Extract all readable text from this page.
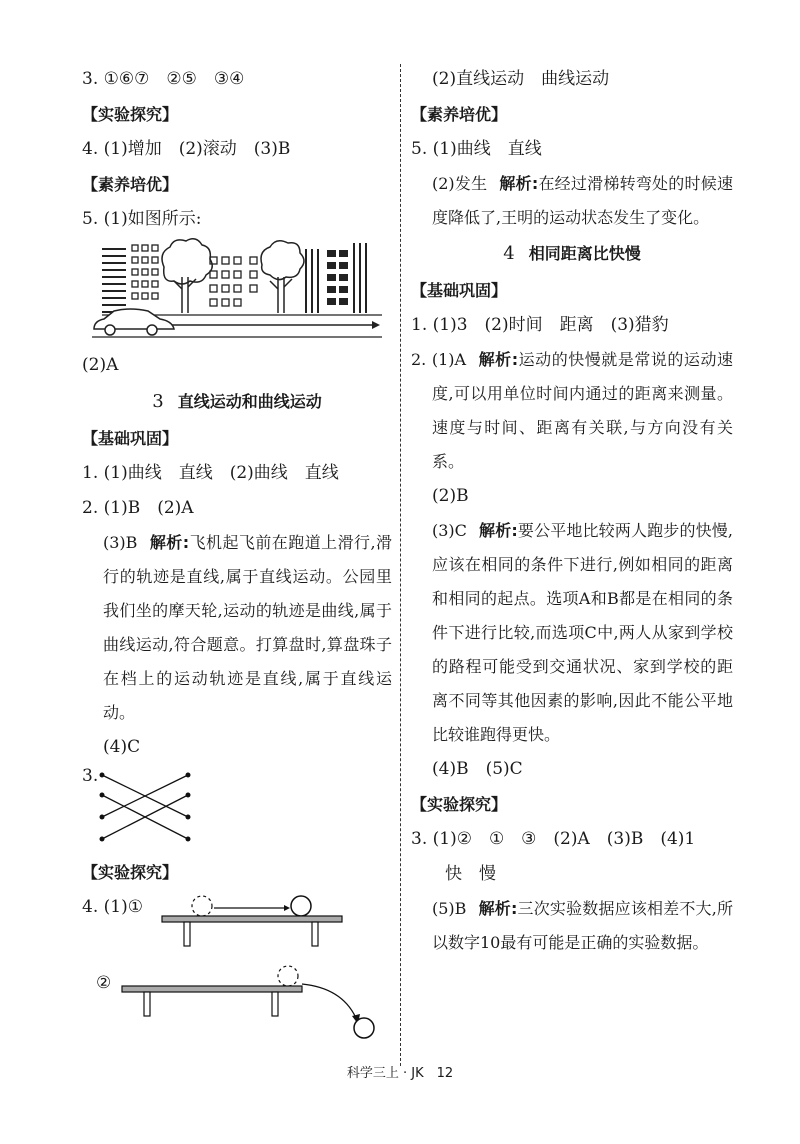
3. ①⑥⑦　②⑤　③④
【实验探究】
4. (1)增加　(2)滚动　(3)B
【素养培优】
5. (1)如图所示:
(2)A
3 直线运动和曲线运动
【基础巩固】
1. (1)曲线　直线　(2)曲线　直线
2. (1)B　(2)A
(3)B 解析:飞机起飞前在跑道上滑行,滑行的轨迹是直线,属于直线运动。公园里我们坐的摩天轮,运动的轨迹是曲线,属于曲线运动,符合题意。打算盘时,算盘珠子在档上的运动轨迹是直线,属于直线运动。
(4)C
3.
【实验探究】
4. (1)①
②
(2)直线运动　曲线运动
【素养培优】
5. (1)曲线　直线
(2)发生 解析:在经过滑梯转弯处的时候速度降低了,王明的运动状态发生了变化。
4 相同距离比快慢
【基础巩固】
1. (1)3　(2)时间　距离　(3)猎豹
2. (1)A 解析:运动的快慢就是常说的运动速度,可以用单位时间内通过的距离来测量。速度与时间、距离有关联,与方向没有关系。
(2)B
(3)C 解析:要公平地比较两人跑步的快慢,应该在相同的条件下进行,例如相同的距离和相同的起点。选项A和B都是在相同的条件下进行比较,而选项C中,两人从家到学校的路程可能受到交通状况、家到学校的距离不同等其他因素的影响,因此不能公平地比较谁跑得更快。
(4)B　(5)C
【实验探究】
3. (1)②　①　③　(2)A　(3)B　(4)1
快　慢
(5)B 解析:三次实验数据应该相差不大,所以数字10最有可能是正确的实验数据。
科学三上 · JK　12
